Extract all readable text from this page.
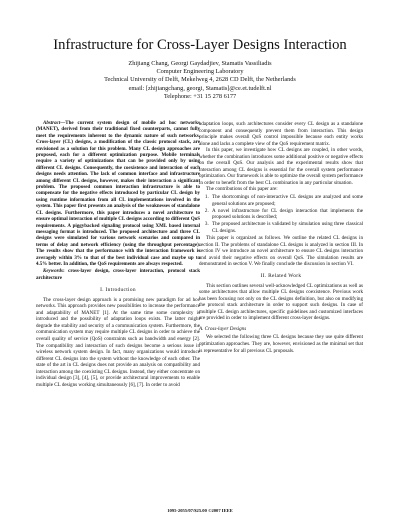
Infrastructure for Cross-Layer Designs Interaction
Zhijiang Chang, Georgi Gaydadjiev, Stamatis Vassiliadis
Computer Engineering Laboratory
Technical University of Delft, Mekelweg 4, 2628 CD Delft, the Netherlands
email: [zhijiangchang, georgi, Stamatis]@ce.et.tudelft.nl
Telephone: +31 15 278 6177

Abstract—The current system design of mobile ad hoc networks (MANET), derived from their traditional fixed counterparts, cannot fully meet the requirements inherent to the dynamic nature of such networks. Cross-layer (CL) designs, a modification of the classic protocol stack, are envisioned as a solution for this problem. Many CL design approaches are proposed, each for a different optimization purpose. Mobile terminals require a variety of optimizations that can be provided only by using different CL designs. Consequently, the coexistence and interaction of such designs needs attention. The lack of common interface and infrastructure among different CL designs, however, makes their interaction a significant problem. The proposed common interaction infrastructure is able to compensate for the negative effects introduced by particular CL design by using runtime information from all CL implementations involved in the system. This paper first presents an analysis of the weaknesses of standalone CL designs. Furthermore, this paper introduces a novel architecture to ensure optimal interaction of multiple CL designs according to different QoS requirements. A piggybacked signaling protocol using XML based internal messaging format is introduced. The proposed architecture and three CL designs were simulated for various network scenarios and compared in terms of delay and network efficiency (using the throughput percentage). The results show that the performance with the interaction framework is averagely within 3% to that of the best individual case and maybe up to 4.5% better. In addition, the QoS requirements are always respected.

Keywords: cross-layer design, cross-layer interaction, protocol stack architecture

I. Introduction

The cross-layer design approach is a promising new paradigm for ad hoc networks. This approach provides new possibilities to increase the performance and adaptability of MANET [1]. At the same time some complexity is introduced and the possibility of adaptation loops exists. The latter might degrade the stability and security of a communication system. Furthermore, the communication system may require multiple CL designs in order to achieve the overall quality of service (QoS) constraints such as bandwidth and energy [2]. The compatibility and interaction of such designs become a serious issue in wireless network system design. In fact, many organizations would introduce different CL designs into the system without the knowledge of each other. The state of the art in CL designs does not provide an analysis on compatibility and interaction among the coexisting CL designs. Instead, they either concentrate on individual design [3], [4], [5], or provide architectural improvements to enable multiple CL designs working simultaneously [6], [7]. In order to avoid

adaptation loops, such architectures consider every CL design as a standalone component and consequently prevent them from interaction. This design principle makes overall QoS control impossible because each entity works alone and lacks a complete view of the QoS requirement matrix.

In this paper, we investigate how CL designs are coupled, in other words, whether the combination introduces some additional positive or negative effects on the overall QoS. Our analysis and the experimental results show that interaction among CL designs is essential for the overall system performance optimization. Our framework is able to optimize the overall system performance in order to benefit from the best CL combination in any particular situation.

The contributions of this paper are:

1. The shortcomings of non-interactive CL designs are analyzed and some general solutions are proposed;
2. A novel infrastructure for CL design interaction that implements the proposed solutions is described;
3. The proposed architecture is validated by simulation using three classical CL designs.

This paper is organized as follows. We outline the related CL designs in section II. The problems of standalone CL designs is analyzed in section III. In section IV we introduce an novel architecture to ensure CL designs interaction and avoid their negative effects on overall QoS. The simulation results are demonstrated in section V. We finally conclude the discussion in section VI.

II. Related Work

This section outlines several well-acknowledged CL optimizations as well as some architectures that allow multiple CL designs coexistence. Previous work has been focusing not only on the CL designs definition, but also on modifying the protocol stack architecture in order to support such designs. In case of multiple CL design architectures, specific guidelines and customized interfaces are provided in order to implement different cross-layer designs.

A. Cross-layer Designs

We selected the following three CL designs because they use quite different optimization approaches. They are, however, envisioned as the minimal set that is representative for all previous CL proposals.

1095-2055/07/$25.00 ©2007 IEEE
